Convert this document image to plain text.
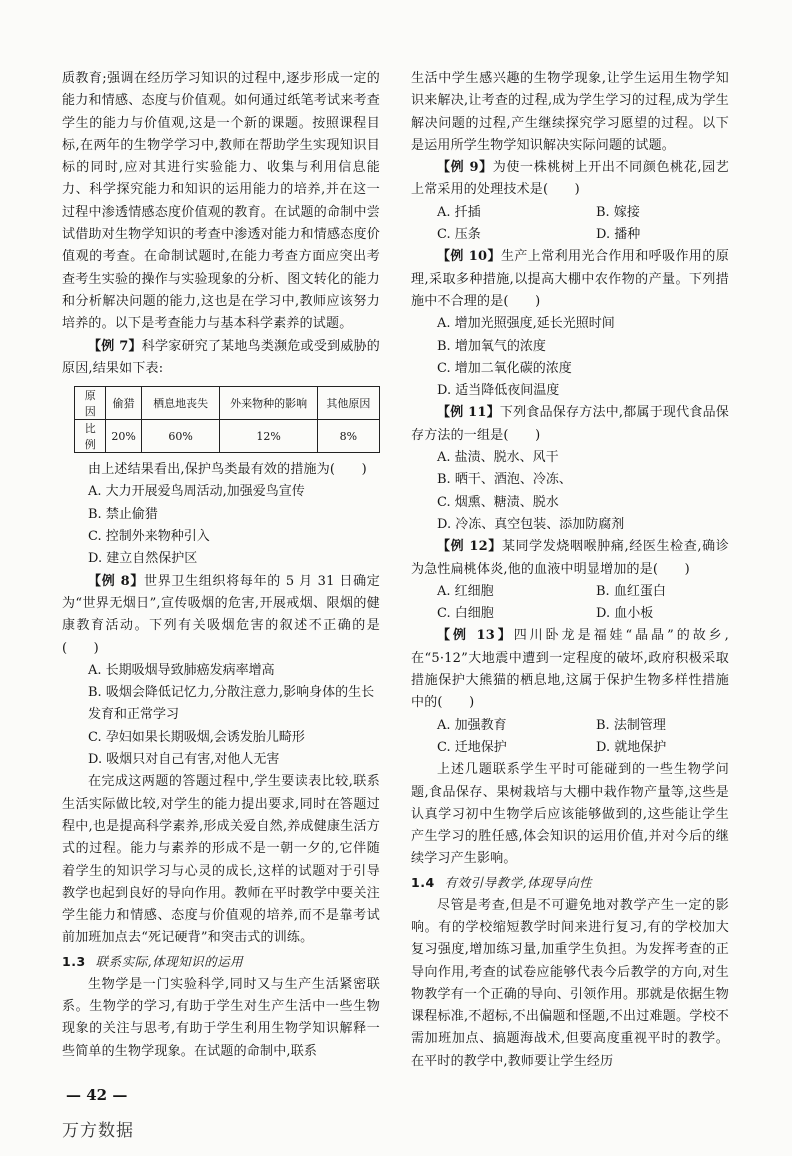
质教育;强调在经历学习知识的过程中,逐步形成一定的能力和情感、态度与价值观。如何通过纸笔考试来考查学生的能力与价值观,这是一个新的课题。按照课程目标,在两年的生物学学习中,教师在帮助学生实现知识目标的同时,应对其进行实验能力、收集与利用信息能力、科学探究能力和知识的运用能力的培养,并在这一过程中渗透情感态度价值观的教育。在试题的命制中尝试借助对生物学知识的考查中渗透对能力和情感态度价值观的考查。在命制试题时,在能力考查方面应突出考查考生实验的操作与实验现象的分析、图文转化的能力和分析解决问题的能力,这也是在学习中,教师应该努力培养的。以下是考查能力与基本科学素养的试题。

【例 7】科学家研究了某地鸟类濒危或受到威胁的原因,结果如下表:

原因	偷猎	栖息地丧失	外来物种的影响	其他原因
比例	20%	60%	12%	8%

由上述结果看出,保护鸟类最有效的措施为(　　)

A. 大力开展爱鸟周活动,加强爱鸟宣传

B. 禁止偷猎

C. 控制外来物种引入

D. 建立自然保护区

【例 8】世界卫生组织将每年的 5 月 31 日确定为“世界无烟日”,宣传吸烟的危害,开展戒烟、限烟的健康教育活动。下列有关吸烟危害的叙述不正确的是(　　)

A. 长期吸烟导致肺癌发病率增高

B. 吸烟会降低记忆力,分散注意力,影响身体的生长发育和正常学习

C. 孕妇如果长期吸烟,会诱发胎儿畸形

D. 吸烟只对自己有害,对他人无害

在完成这两题的答题过程中,学生要读表比较,联系生活实际做比较,对学生的能力提出要求,同时在答题过程中,也是提高科学素养,形成关爱自然,养成健康生活方式的过程。能力与素养的形成不是一朝一夕的,它伴随着学生的知识学习与心灵的成长,这样的试题对于引导教学也起到良好的导向作用。教师在平时教学中要关注学生能力和情感、态度与价值观的培养,而不是靠考试前加班加点去“死记硬背”和突击式的训练。

1.3 联系实际,体现知识的运用

生物学是一门实验科学,同时又与生产生活紧密联系。生物学的学习,有助于学生对生产生活中一些生物现象的关注与思考,有助于学生利用生物学知识解释一些简单的生物学现象。在试题的命制中,联系

生活中学生感兴趣的生物学现象,让学生运用生物学知识来解决,让考查的过程,成为学生学习的过程,成为学生解决问题的过程,产生继续探究学习愿望的过程。以下是运用所学生物学知识解决实际问题的试题。

【例 9】为使一株桃树上开出不同颜色桃花,园艺上常采用的处理技术是(　　)

A. 扦插	B. 嫁接

C. 压条	D. 播种

【例 10】生产上常利用光合作用和呼吸作用的原理,采取多种措施,以提高大棚中农作物的产量。下列措施中不合理的是(　　)

A. 增加光照强度,延长光照时间

B. 增加氧气的浓度

C. 增加二氧化碳的浓度

D. 适当降低夜间温度

【例 11】下列食品保存方法中,都属于现代食品保存方法的一组是(　　)

A. 盐渍、脱水、风干

B. 晒干、酒泡、冷冻、

C. 烟熏、糖渍、脱水

D. 冷冻、真空包装、添加防腐剂

【例 12】某同学发烧咽喉肿痛,经医生检查,确诊为急性扁桃体炎,他的血液中明显增加的是(　　)

A. 红细胞	B. 血红蛋白

C. 白细胞	D. 血小板

【例 13】四川卧龙是福娃“晶晶”的故乡,在“5·12”大地震中遭到一定程度的破坏,政府积极采取措施保护大熊猫的栖息地,这属于保护生物多样性措施中的(　　)

A. 加强教育	B. 法制管理

C. 迁地保护	D. 就地保护

上述几题联系学生平时可能碰到的一些生物学问题,食品保存、果树栽培与大棚中栽作物产量等,这些是认真学习初中生物学后应该能够做到的,这些能让学生产生学习的胜任感,体会知识的运用价值,并对今后的继续学习产生影响。

1.4 有效引导教学,体现导向性

尽管是考查,但是不可避免地对教学产生一定的影响。有的学校缩短教学时间来进行复习,有的学校加大复习强度,增加练习量,加重学生负担。为发挥考查的正导向作用,考查的试卷应能够代表今后教学的方向,对生物教学有一个正确的导向、引领作用。那就是依据生物课程标准,不超标,不出偏题和怪题,不出过难题。学校不需加班加点、搞题海战术,但要高度重视平时的教学。在平时的教学中,教师要让学生经历

— 42 —
万方数据
